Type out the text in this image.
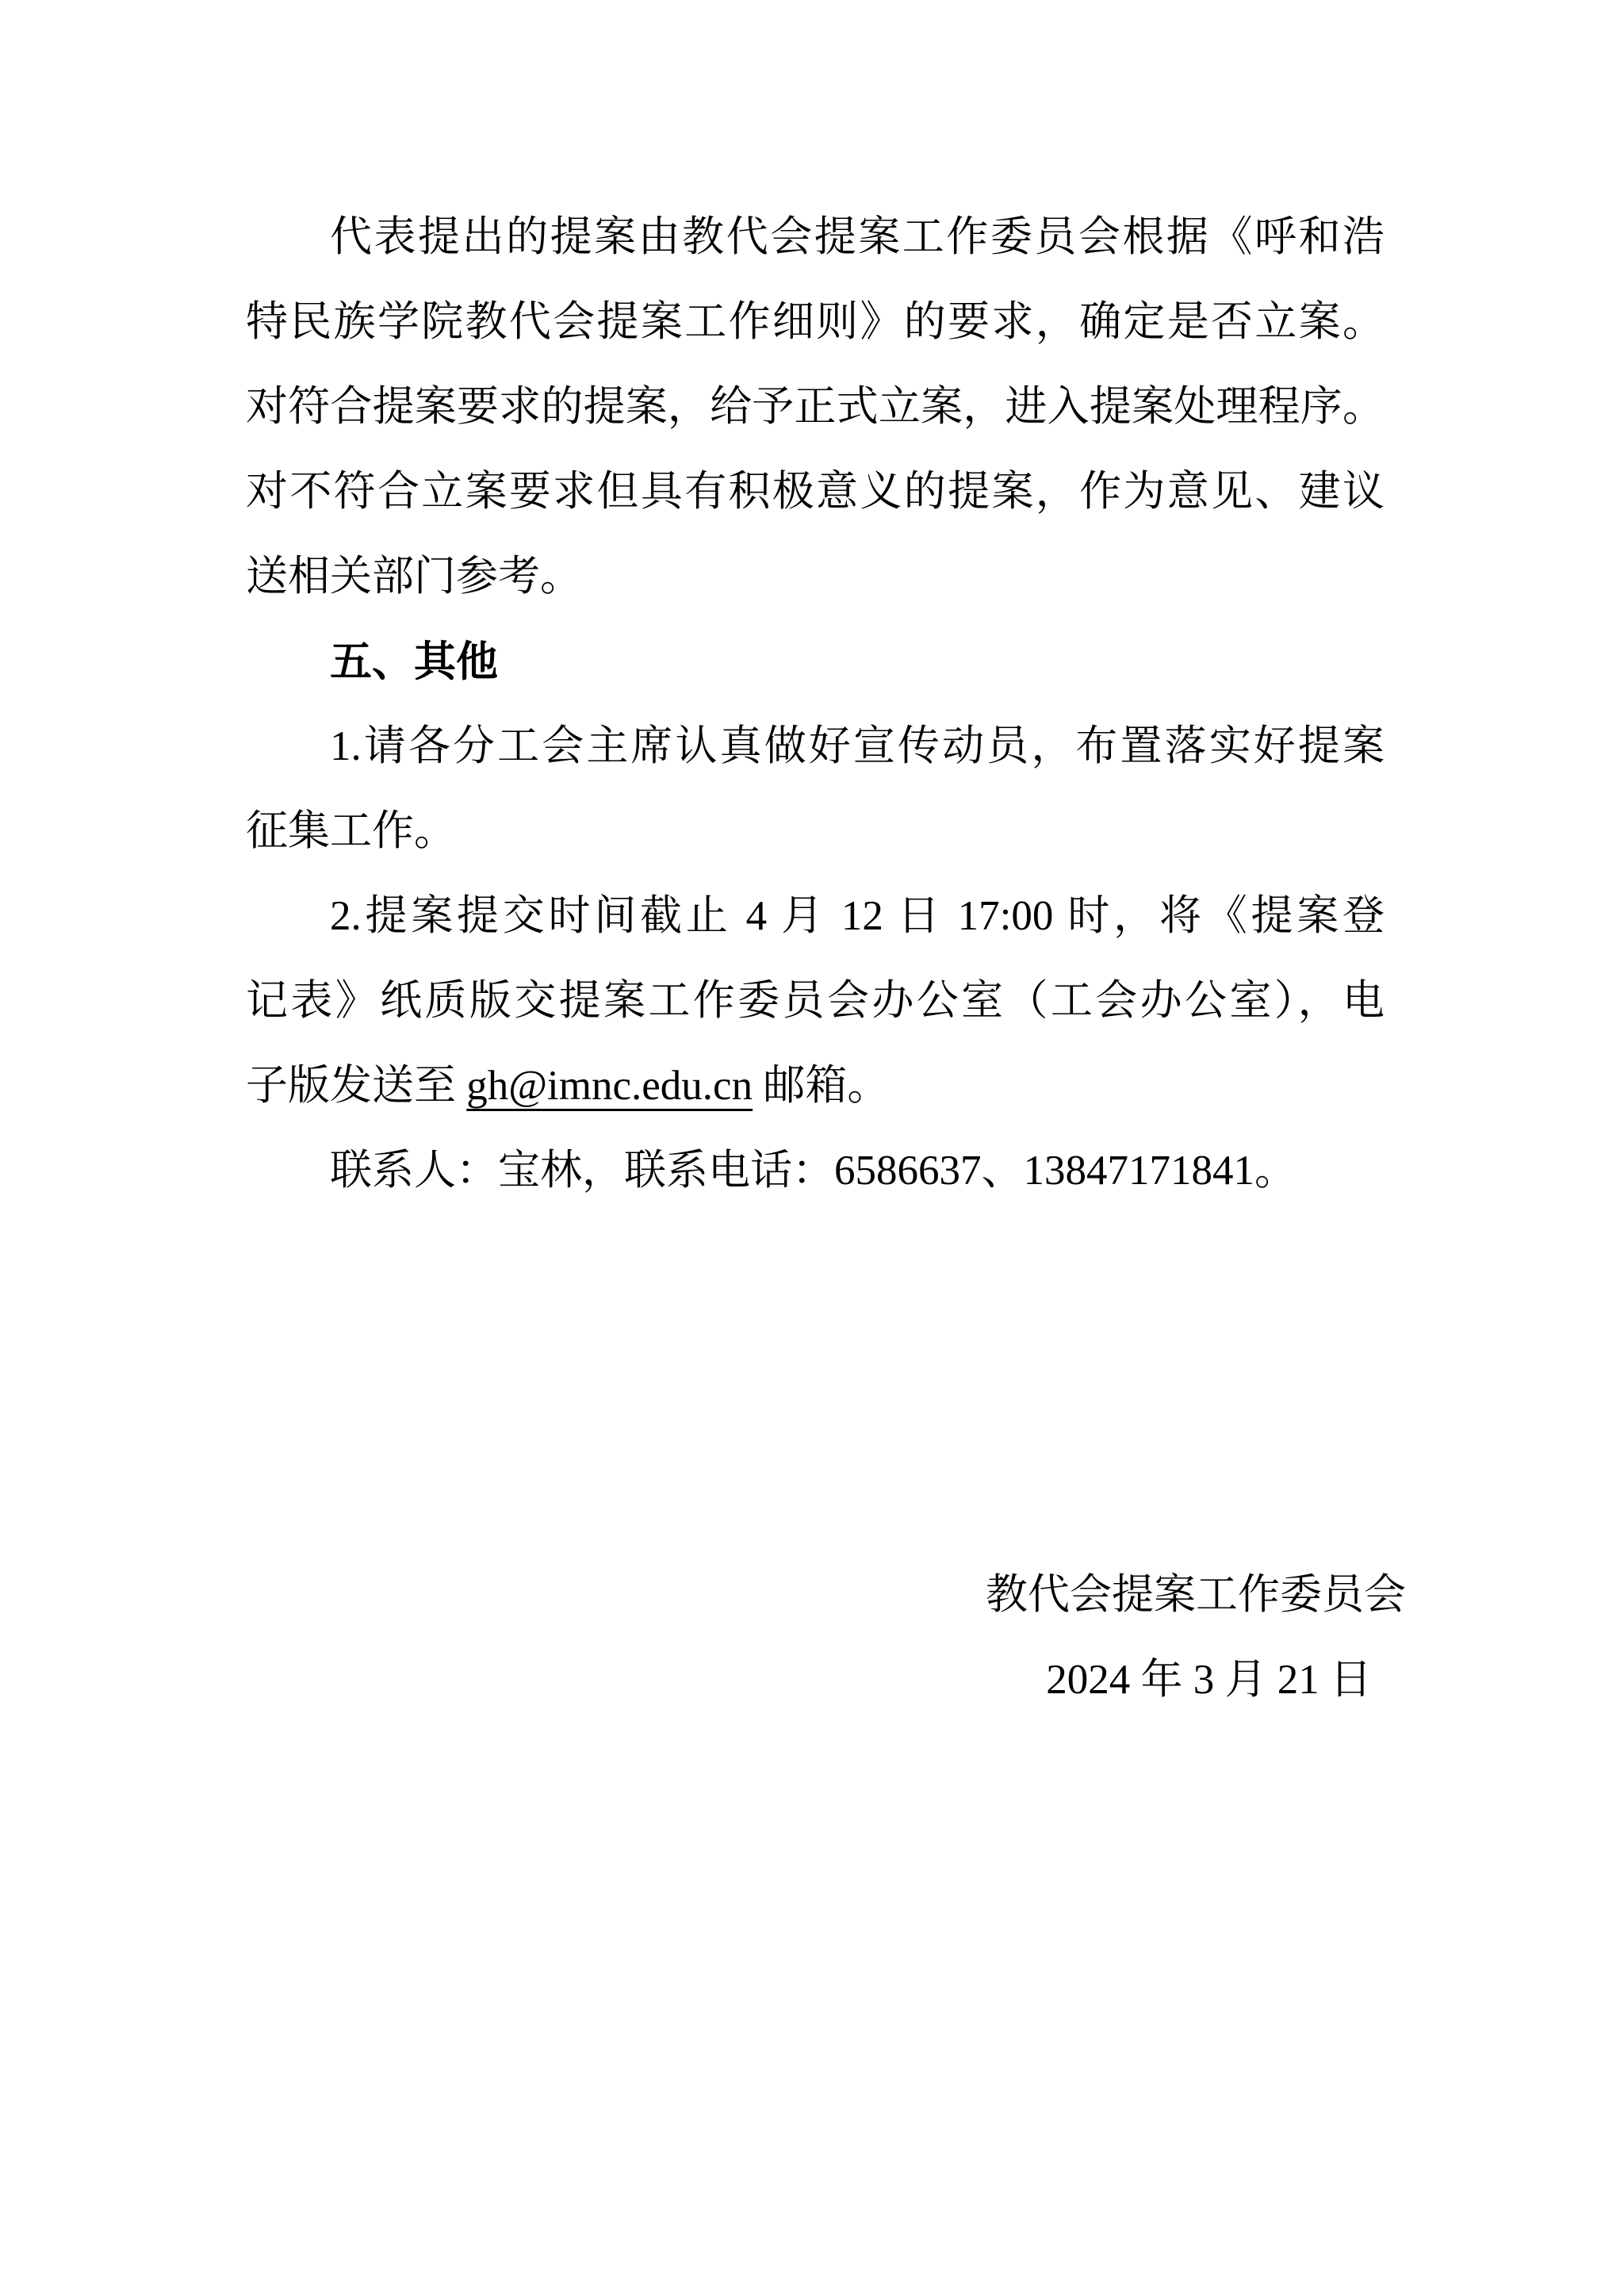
代表提出的提案由教代会提案工作委员会根据《呼和浩
特民族学院教代会提案工作细则》的要求，确定是否立案。
对符合提案要求的提案，给予正式立案，进入提案处理程序。
对不符合立案要求但具有积极意义的提案，作为意见、建议
送相关部门参考。
五、其他
1.请各分工会主席认真做好宣传动员，布置落实好提案
征集工作。
2.提案提交时间截止 4 月 12 日 17:00 时，将《提案登
记表》纸质版交提案工作委员会办公室（工会办公室），电
子版发送至 gh@imnc.edu.cn 邮箱。
联系人：宝林，联系电话：6586637、13847171841。
教代会提案工作委员会
2024 年 3 月 21 日
